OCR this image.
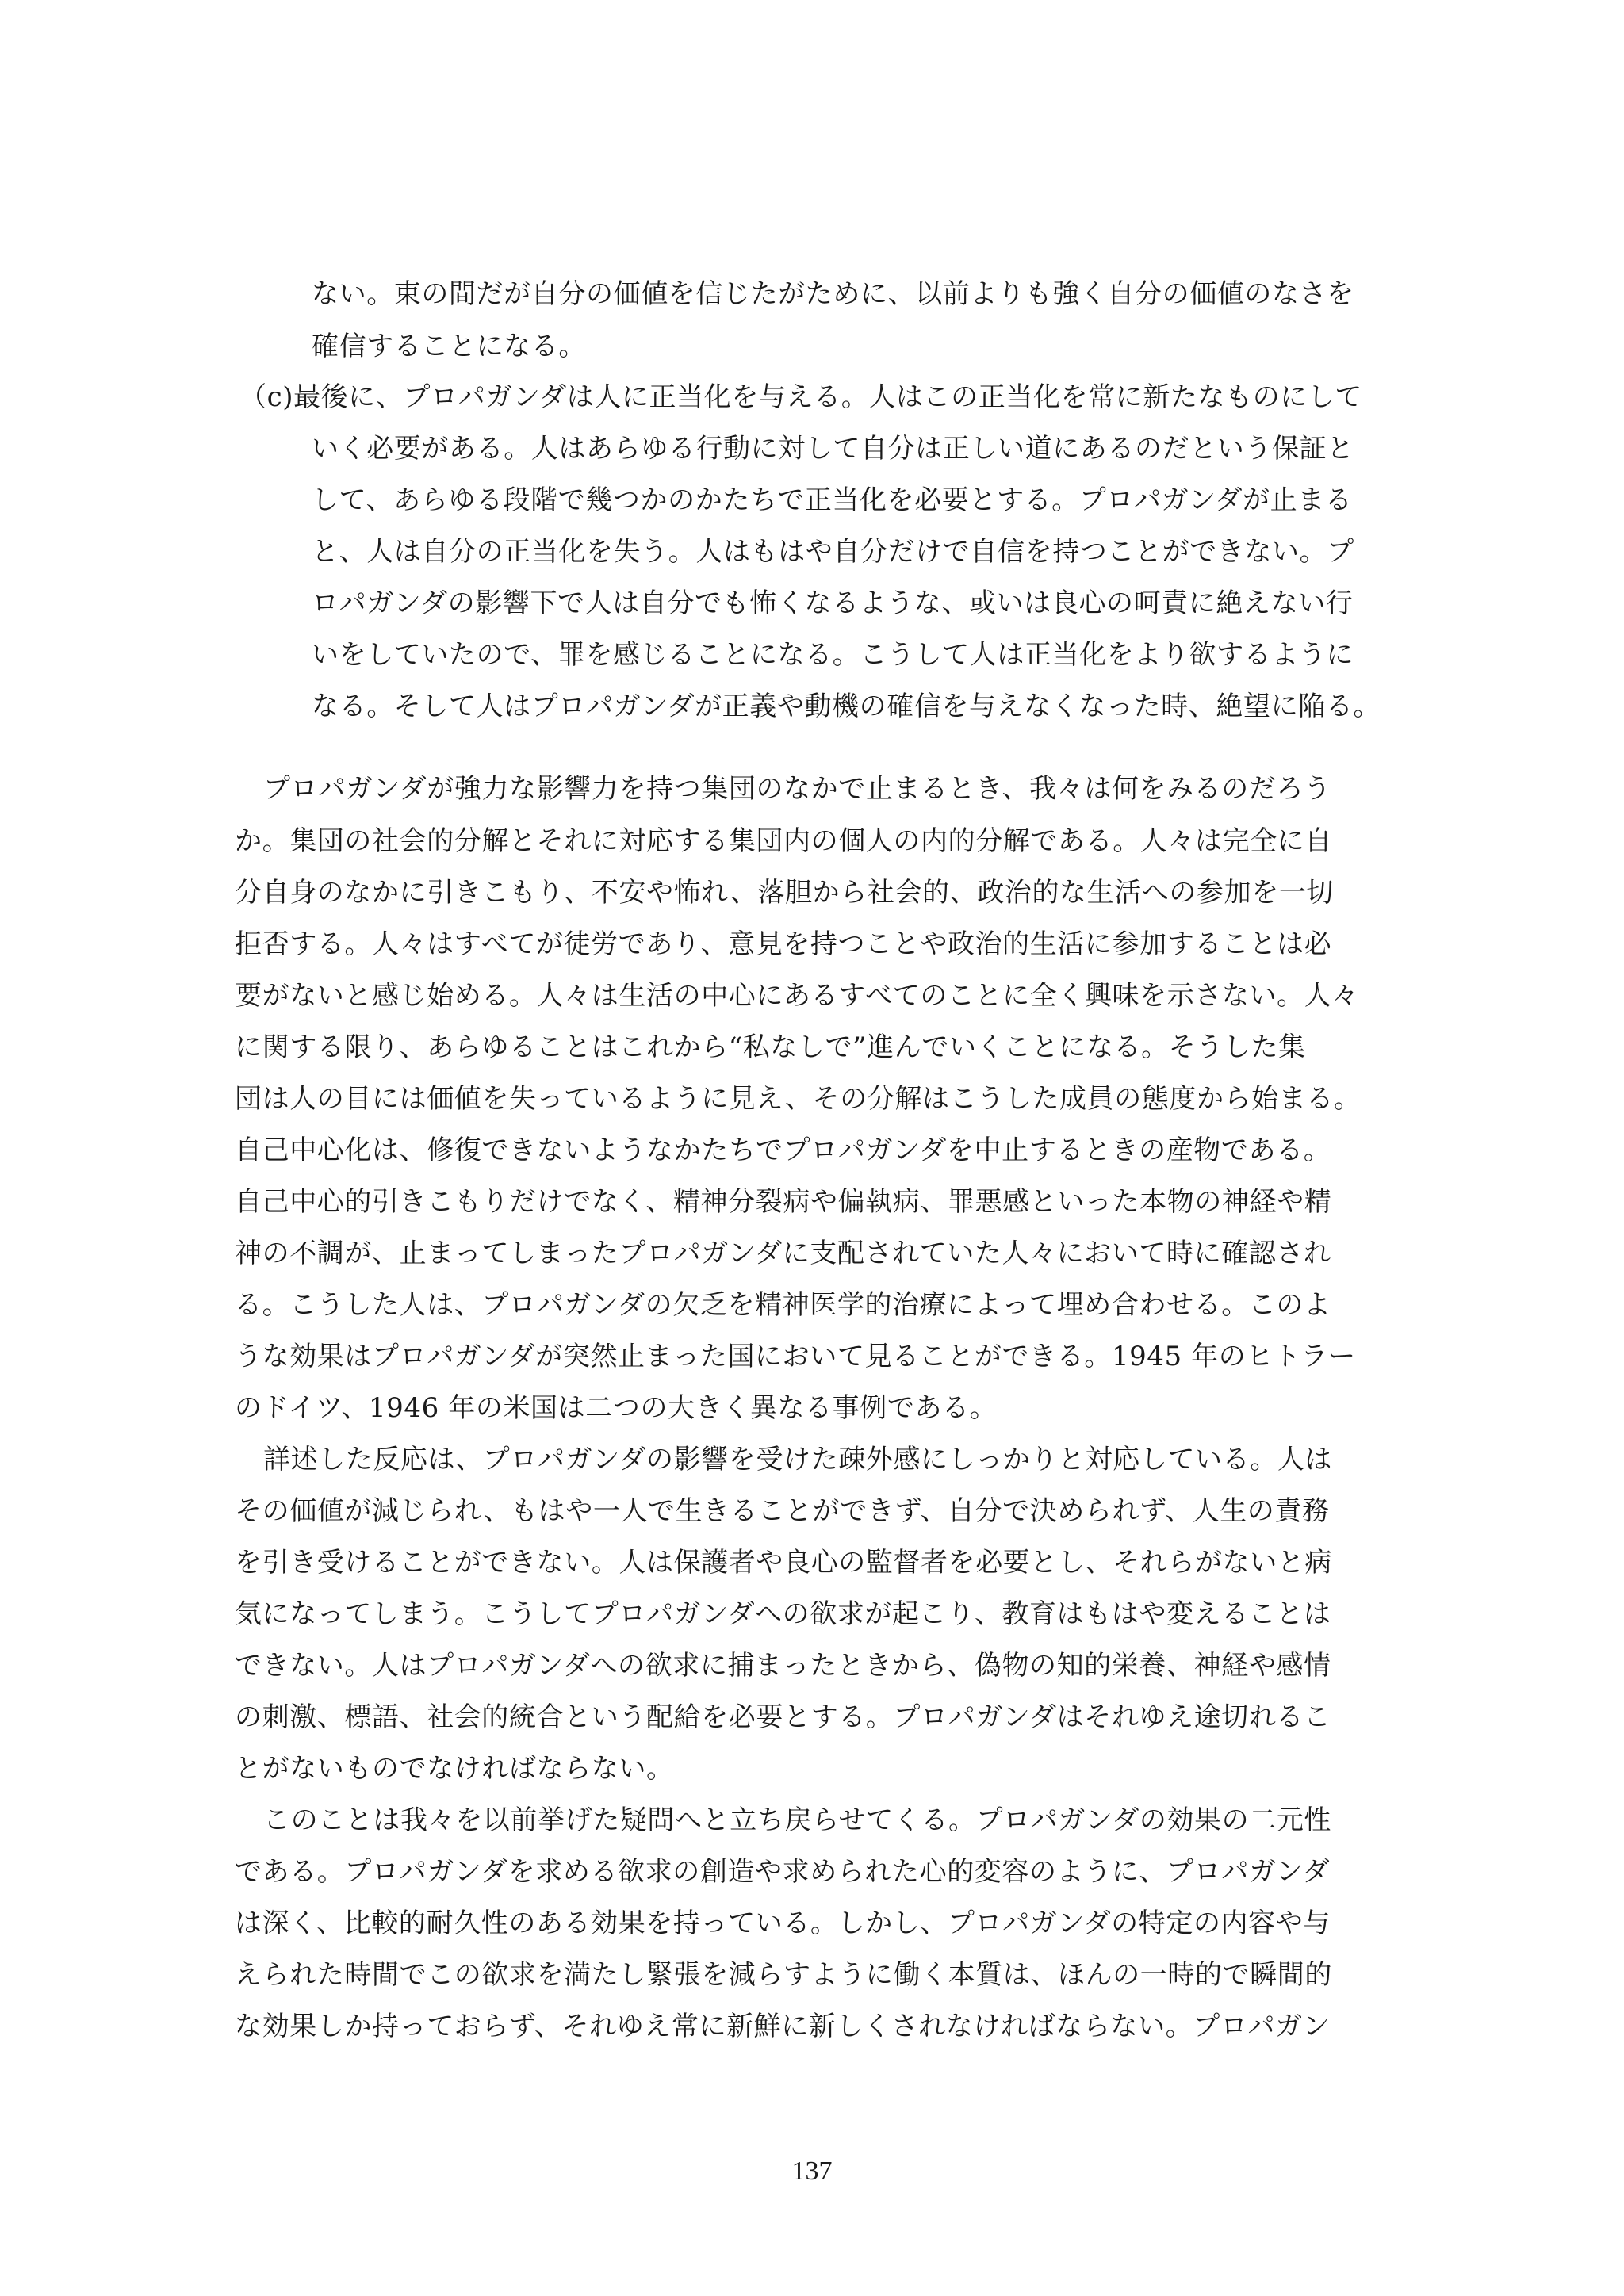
ない。束の間だが自分の価値を信じたがために、以前よりも強く自分の価値のなさを
確信することになる。
（c)最後に、プロパガンダは人に正当化を与える。人はこの正当化を常に新たなものにして
いく必要がある。人はあらゆる行動に対して自分は正しい道にあるのだという保証と
して、あらゆる段階で幾つかのかたちで正当化を必要とする。プロパガンダが止まる
と、人は自分の正当化を失う。人はもはや自分だけで自信を持つことができない。プ
ロパガンダの影響下で人は自分でも怖くなるような、或いは良心の呵責に絶えない行
いをしていたので、罪を感じることになる。こうして人は正当化をより欲するように
なる。そして人はプロパガンダが正義や動機の確信を与えなくなった時、絶望に陥る。
プロパガンダが強力な影響力を持つ集団のなかで止まるとき、我々は何をみるのだろう
か。集団の社会的分解とそれに対応する集団内の個人の内的分解である。人々は完全に自
分自身のなかに引きこもり、不安や怖れ、落胆から社会的、政治的な生活への参加を一切
拒否する。人々はすべてが徒労であり、意見を持つことや政治的生活に参加することは必
要がないと感じ始める。人々は生活の中心にあるすべてのことに全く興味を示さない。人々
に関する限り、あらゆることはこれから“私なしで”進んでいくことになる。そうした集
団は人の目には価値を失っているように見え、その分解はこうした成員の態度から始まる。
自己中心化は、修復できないようなかたちでプロパガンダを中止するときの産物である。
自己中心的引きこもりだけでなく、精神分裂病や偏執病、罪悪感といった本物の神経や精
神の不調が、止まってしまったプロパガンダに支配されていた人々において時に確認され
る。こうした人は、プロパガンダの欠乏を精神医学的治療によって埋め合わせる。このよ
うな効果はプロパガンダが突然止まった国において見ることができる。1945 年のヒトラー
のドイツ、1946 年の米国は二つの大きく異なる事例である。
詳述した反応は、プロパガンダの影響を受けた疎外感にしっかりと対応している。人は
その価値が減じられ、もはや一人で生きることができず、自分で決められず、人生の責務
を引き受けることができない。人は保護者や良心の監督者を必要とし、それらがないと病
気になってしまう。こうしてプロパガンダへの欲求が起こり、教育はもはや変えることは
できない。人はプロパガンダへの欲求に捕まったときから、偽物の知的栄養、神経や感情
の刺激、標語、社会的統合という配給を必要とする。プロパガンダはそれゆえ途切れるこ
とがないものでなければならない。
このことは我々を以前挙げた疑問へと立ち戻らせてくる。プロパガンダの効果の二元性
である。プロパガンダを求める欲求の創造や求められた心的変容のように、プロパガンダ
は深く、比較的耐久性のある効果を持っている。しかし、プロパガンダの特定の内容や与
えられた時間でこの欲求を満たし緊張を減らすように働く本質は、ほんの一時的で瞬間的
な効果しか持っておらず、それゆえ常に新鮮に新しくされなければならない。プロパガン
137
